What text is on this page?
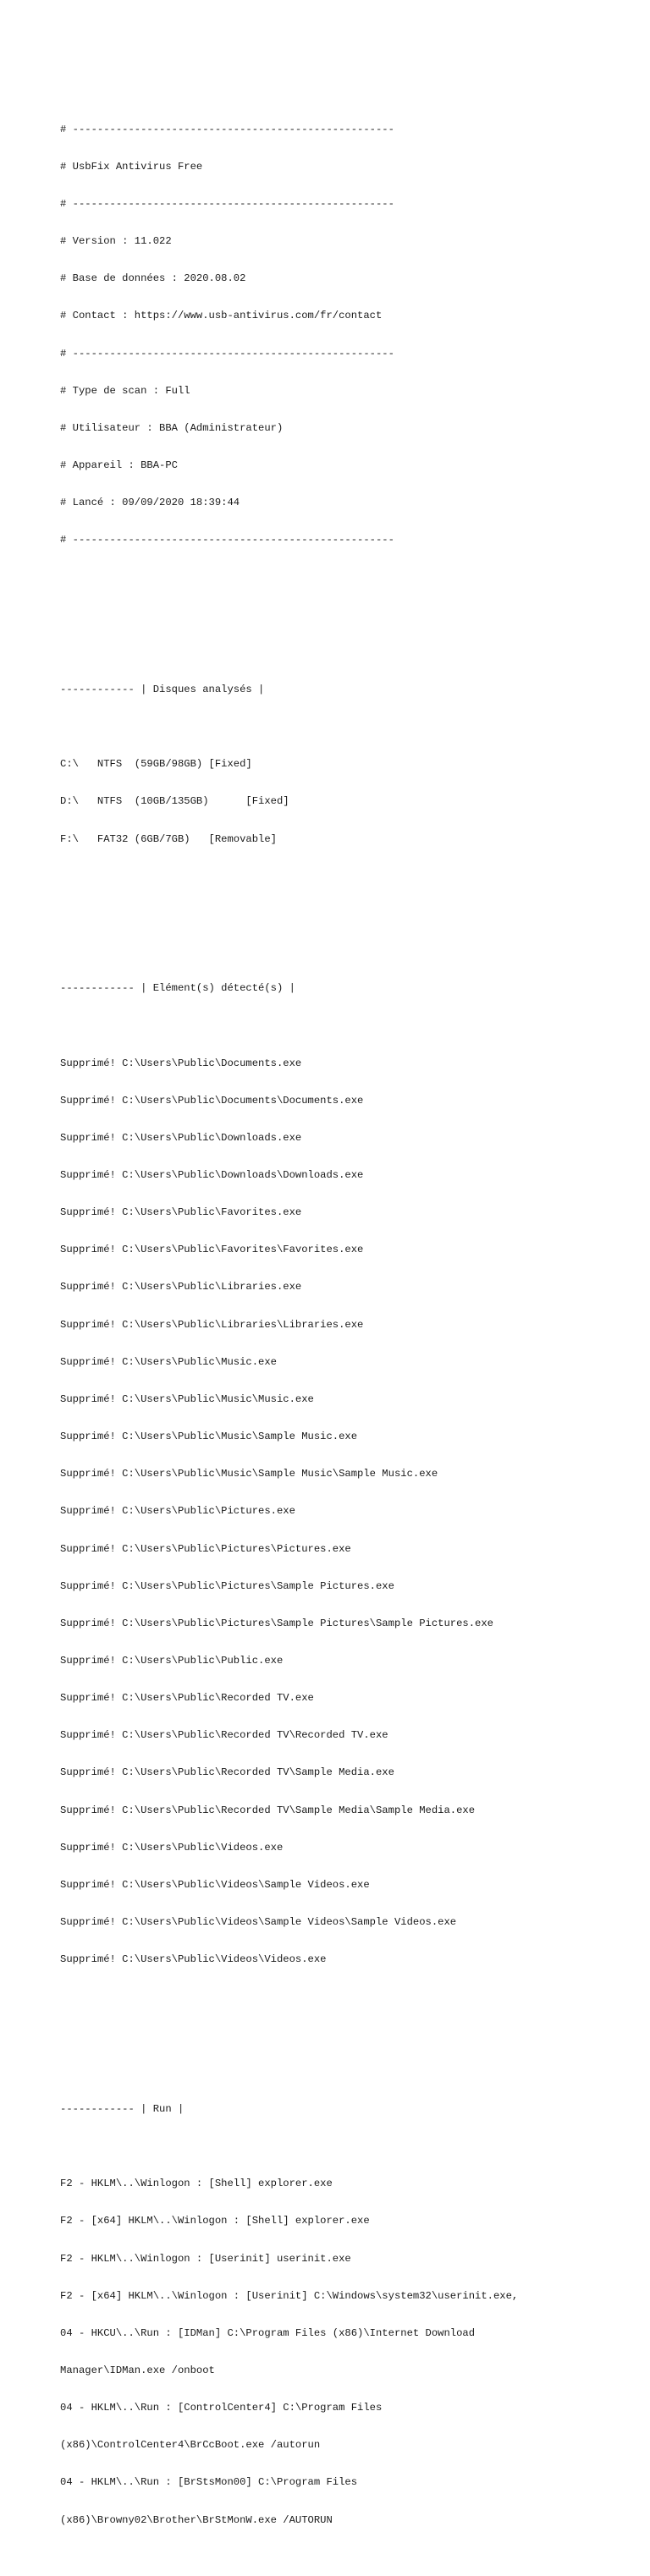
# ----------------------------------------------------

# UsbFix Antivirus Free

# ----------------------------------------------------

# Version : 11.022

# Base de données : 2020.08.02

# Contact : https://www.usb-antivirus.com/fr/contact

# ----------------------------------------------------

# Type de scan : Full

# Utilisateur : BBA (Administrateur)

# Appareil : BBA-PC

# Lancé : 09/09/2020 18:39:44

# ----------------------------------------------------

------------ | Disques analysés |

C:\   NTFS  (59GB/98GB) [Fixed]

D:\   NTFS  (10GB/135GB)      [Fixed]

F:\   FAT32 (6GB/7GB)   [Removable]

------------ | Elément(s) détecté(s) |

Supprimé! C:\Users\Public\Documents.exe

Supprimé! C:\Users\Public\Documents\Documents.exe

Supprimé! C:\Users\Public\Downloads.exe

Supprimé! C:\Users\Public\Downloads\Downloads.exe

Supprimé! C:\Users\Public\Favorites.exe

Supprimé! C:\Users\Public\Favorites\Favorites.exe

Supprimé! C:\Users\Public\Libraries.exe

Supprimé! C:\Users\Public\Libraries\Libraries.exe

Supprimé! C:\Users\Public\Music.exe

Supprimé! C:\Users\Public\Music\Music.exe

Supprimé! C:\Users\Public\Music\Sample Music.exe

Supprimé! C:\Users\Public\Music\Sample Music\Sample Music.exe

Supprimé! C:\Users\Public\Pictures.exe

Supprimé! C:\Users\Public\Pictures\Pictures.exe

Supprimé! C:\Users\Public\Pictures\Sample Pictures.exe

Supprimé! C:\Users\Public\Pictures\Sample Pictures\Sample Pictures.exe

Supprimé! C:\Users\Public\Public.exe

Supprimé! C:\Users\Public\Recorded TV.exe

Supprimé! C:\Users\Public\Recorded TV\Recorded TV.exe

Supprimé! C:\Users\Public\Recorded TV\Sample Media.exe

Supprimé! C:\Users\Public\Recorded TV\Sample Media\Sample Media.exe

Supprimé! C:\Users\Public\Videos.exe

Supprimé! C:\Users\Public\Videos\Sample Videos.exe

Supprimé! C:\Users\Public\Videos\Sample Videos\Sample Videos.exe

Supprimé! C:\Users\Public\Videos\Videos.exe

------------ | Run |

F2 - HKLM\..\Winlogon : [Shell] explorer.exe

F2 - [x64] HKLM\..\Winlogon : [Shell] explorer.exe

F2 - HKLM\..\Winlogon : [Userinit] userinit.exe

F2 - [x64] HKLM\..\Winlogon : [Userinit] C:\Windows\system32\userinit.exe,

04 - HKCU\..\Run : [IDMan] C:\Program Files (x86)\Internet Download

Manager\IDMan.exe /onboot

04 - HKLM\..\Run : [ControlCenter4] C:\Program Files

(x86)\ControlCenter4\BrCcBoot.exe /autorun

04 - HKLM\..\Run : [BrStsMon00] C:\Program Files

(x86)\Browny02\Brother\BrStMonW.exe /AUTORUN
